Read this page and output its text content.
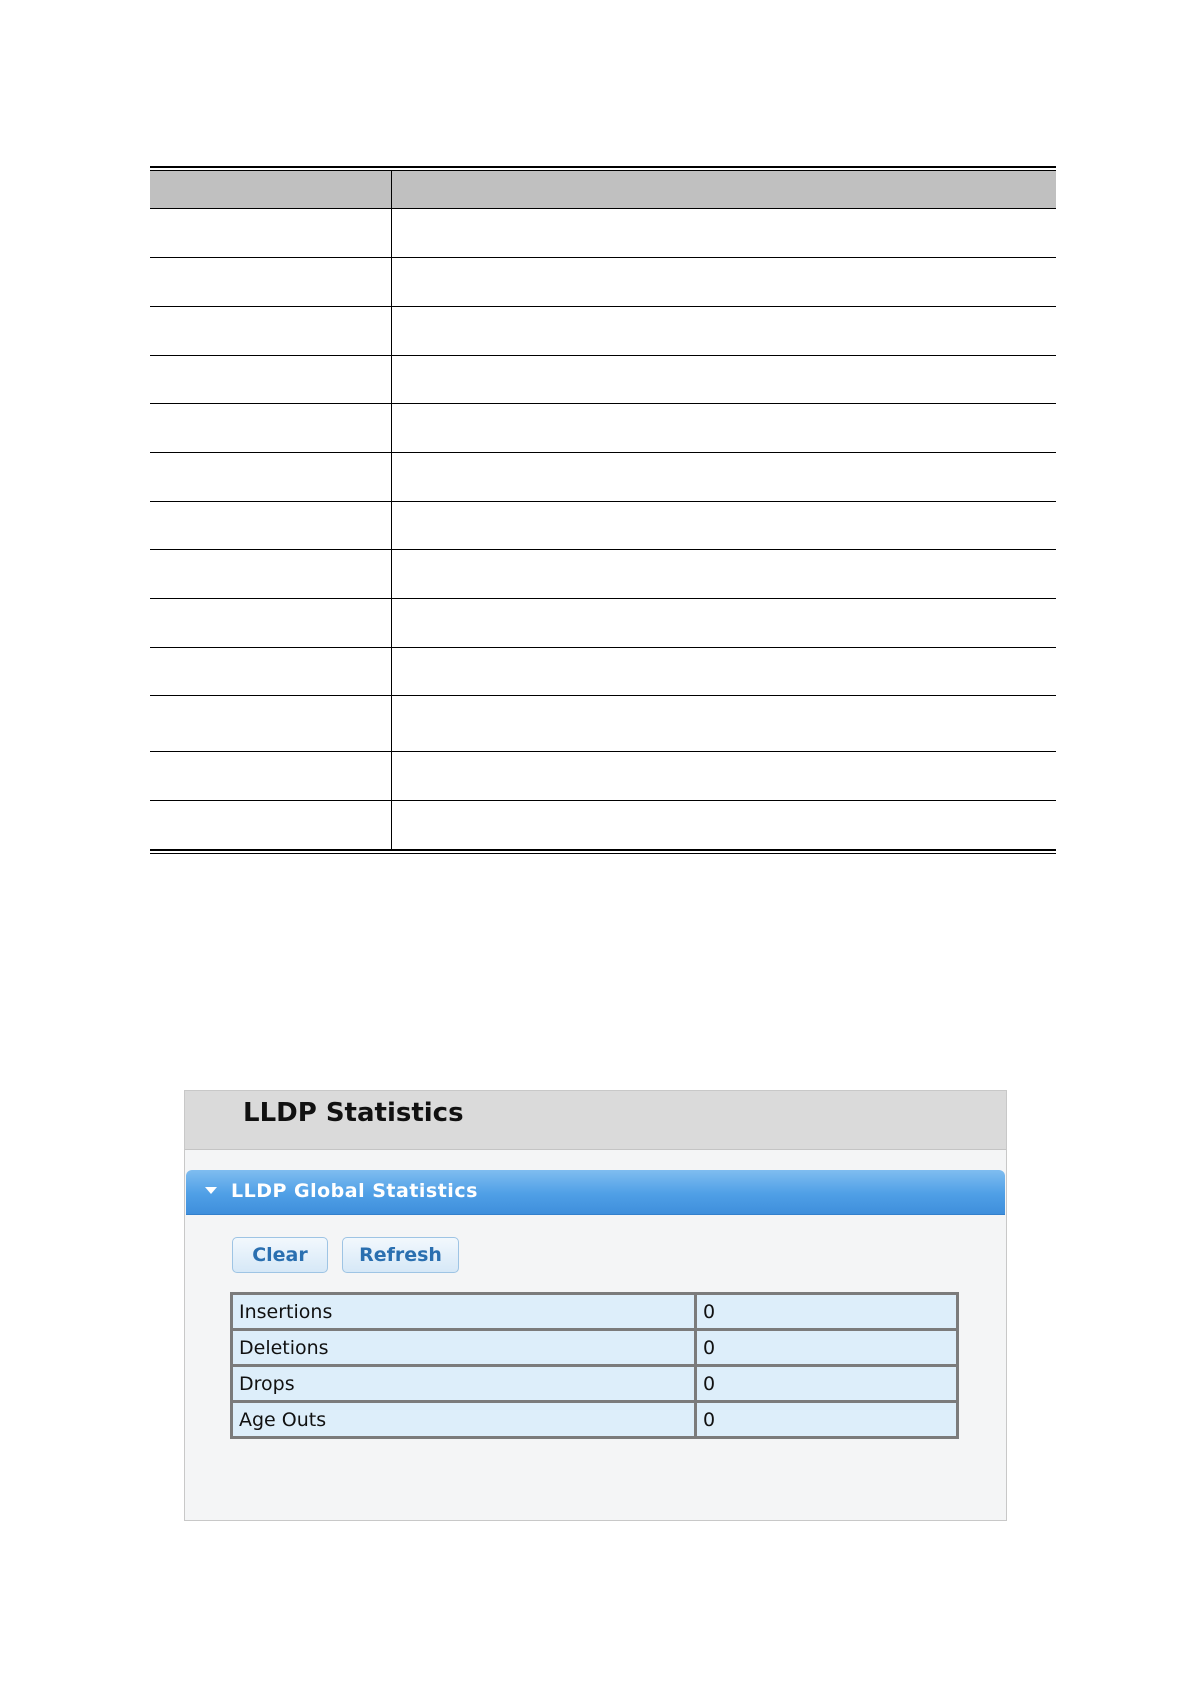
LLDP Statistics
LLDP Global Statistics
Clear	Refresh
Insertions	0
Deletions	0
Drops	0
Age Outs	0
